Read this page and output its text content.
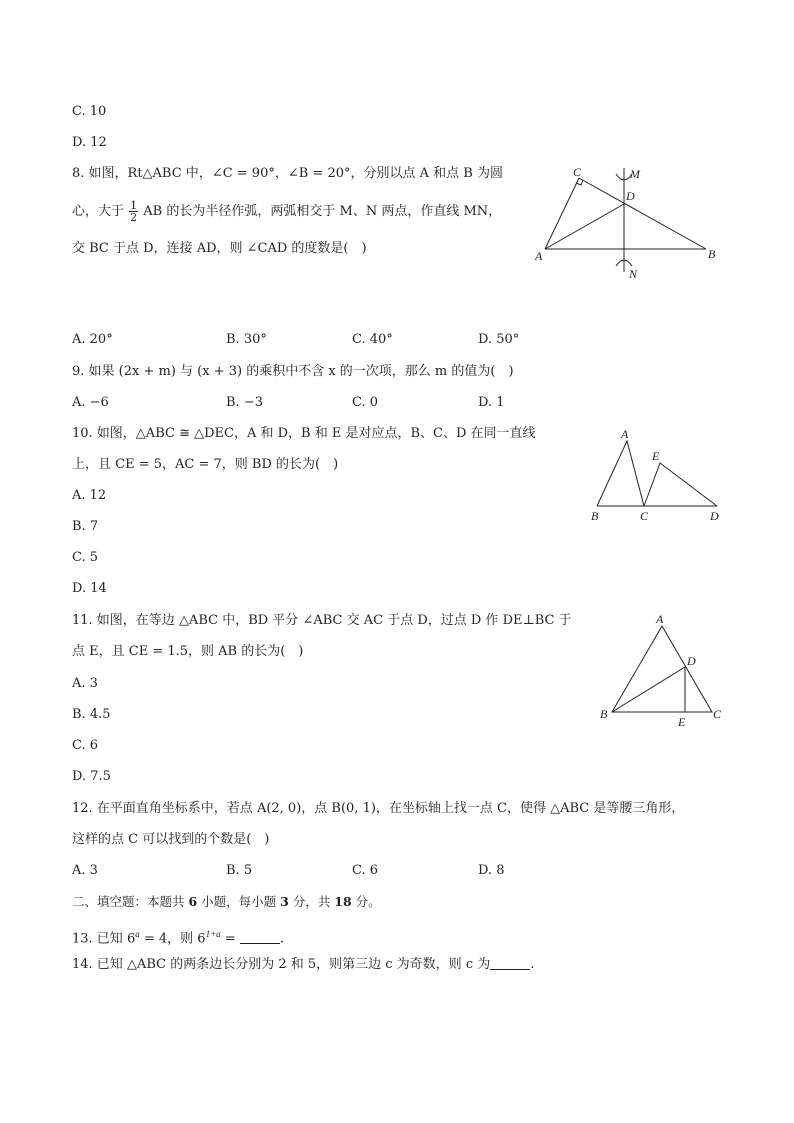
C. 10
D. 12
8. 如图，Rt△ABC 中，∠C = 90°，∠B = 20°，分别以点 A 和点 B 为圆
心，大于 $\frac{1}{2}$ AB 的长为半径作弧，两弧相交于 M、N 两点，作直线 MN，
交 BC 于点 D，连接 AD，则 ∠CAD 的度数是(　)
C	M
D
A	B
N
A. 20°	B. 30°	C. 40°	D. 50°
9. 如果 (2x + m) 与 (x + 3) 的乘积中不含 x 的一次项，那么 m 的值为(　)
A. −6	B. −3	C. 0	D. 1
10. 如图，△ABC ≅ △DEC，A 和 D，B 和 E 是对应点，B、C、D 在同一直线
上，且 CE = 5，AC = 7，则 BD 的长为(　)
A. 12
B. 7
C. 5
D. 14
A
E
B	C	D
11. 如图，在等边 △ABC 中，BD 平分 ∠ABC 交 AC 于点 D，过点 D 作 DE⊥BC 于
点 E，且 CE = 1.5，则 AB 的长为(　)
A. 3
B. 4.5
C. 6
D. 7.5
A
D
B
E
C
12. 在平面直角坐标系中，若点 A(2, 0)，点 B(0, 1)，在坐标轴上找一点 C，使得 △ABC 是等腰三角形，
这样的点 C 可以找到的个数是(　)
A. 3	B. 5	C. 6	D. 8
二、填空题：本题共 6 小题，每小题 3 分，共 18 分。
13. 已知 $6^a = 4$，则 $6^{1+a}$ =	.
14. 已知 △ABC 的两条边长分别为 2 和 5，则第三边 c 为奇数，则 c 为	.
